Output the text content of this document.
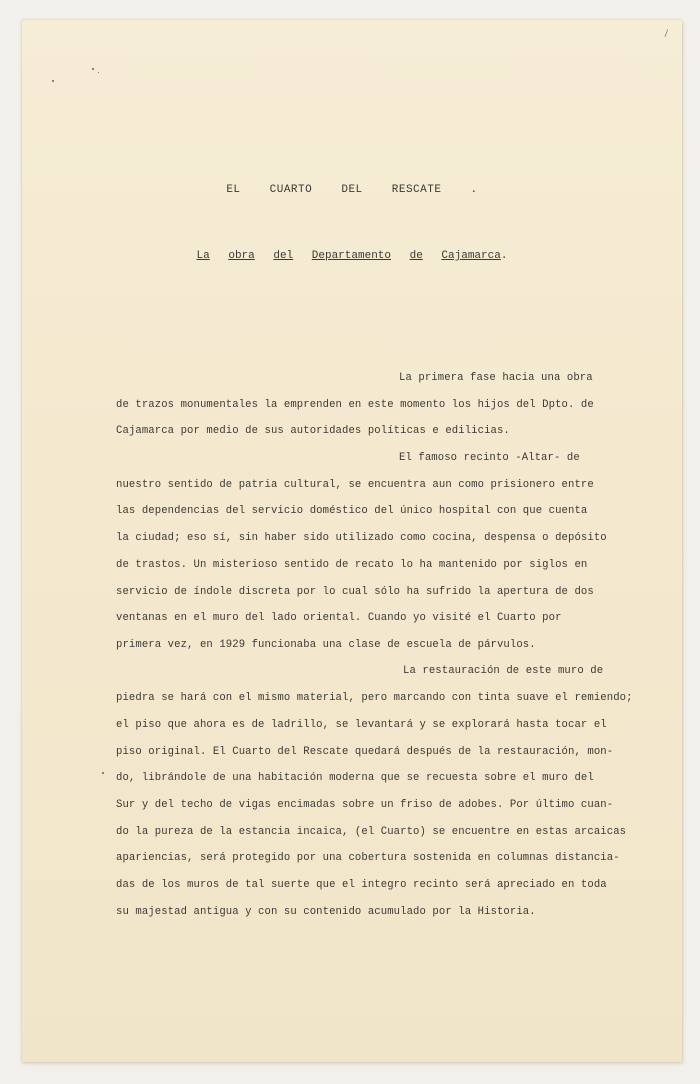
/
EL CUARTO DEL RESCATE .
La obra del Departamento de Cajamarca.
La primera fase hacia una obra
de trazos monumentales la emprenden en este momento los hijos del Dpto. de
Cajamarca por medio de sus autoridades políticas e edilicias.
El famoso recinto -Altar- de
nuestro sentido de patria cultural, se encuentra aun como prisionero entre
las dependencias del servicio doméstico del único hospital con que cuenta
la ciudad; eso sí, sin haber sido utilizado como cocina, despensa o depósito
de trastos. Un misterioso sentido de recato lo ha mantenido por siglos en
servicio de índole discreta por lo cual sólo ha sufrido la apertura de dos
ventanas en el muro del lado oriental. Cuando yo visité el Cuarto por
primera vez, en 1929 funcionaba una clase de escuela de párvulos.
La restauración de este muro de
piedra se hará con el mismo material, pero marcando con tinta suave el remiendo;
el piso que ahora es de ladrillo, se levantará y se explorará hasta tocar el
piso original. El Cuarto del Rescate quedará después de la restauración, mon-
do, librándole de una habitación moderna que se recuesta sobre el muro del
Sur y del techo de vigas encimadas sobre un friso de adobes. Por último cuan-
do la pureza de la estancia incaica, (el Cuarto) se encuentre en estas arcaicas
apariencias, será protegido por una cobertura sostenida en columnas distancia-
das de los muros de tal suerte que el integro recinto será apreciado en toda
su majestad antigua y con su contenido acumulado por la Historia.
